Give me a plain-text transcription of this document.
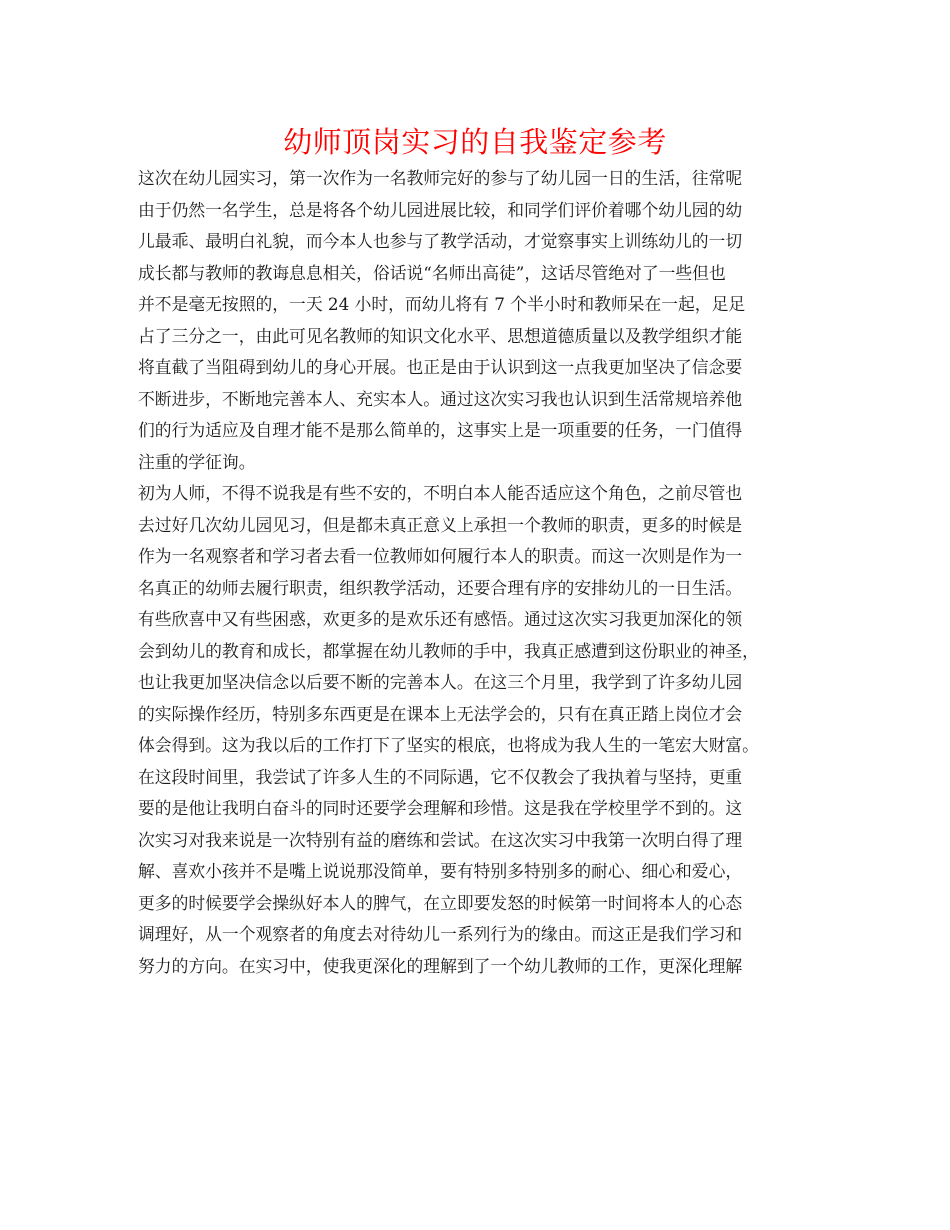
幼师顶岗实习的自我鉴定参考
这次在幼儿园实习，第一次作为一名教师完好的参与了幼儿园一日的生活，往常呢
由于仍然一名学生，总是将各个幼儿园进展比较，和同学们评价着哪个幼儿园的幼
儿最乖、最明白礼貌，而今本人也参与了教学活动，才觉察事实上训练幼儿的一切
成长都与教师的教诲息息相关，俗话说“名师出高徒”，这话尽管绝对了一些但也
并不是毫无按照的，一天 24 小时，而幼儿将有 7 个半小时和教师呆在一起，足足
占了三分之一，由此可见名教师的知识文化水平、思想道德质量以及教学组织才能
将直截了当阻碍到幼儿的身心开展。也正是由于认识到这一点我更加坚决了信念要
不断进步，不断地完善本人、充实本人。通过这次实习我也认识到生活常规培养他
们的行为适应及自理才能不是那么简单的，这事实上是一项重要的任务，一门值得
注重的学征询。
初为人师，不得不说我是有些不安的，不明白本人能否适应这个角色，之前尽管也
去过好几次幼儿园见习，但是都未真正意义上承担一个教师的职责，更多的时候是
作为一名观察者和学习者去看一位教师如何履行本人的职责。而这一次则是作为一
名真正的幼师去履行职责，组织教学活动，还要合理有序的安排幼儿的一日生活。
有些欣喜中又有些困惑，欢更多的是欢乐还有感悟。通过这次实习我更加深化的领
会到幼儿的教育和成长，都掌握在幼儿教师的手中，我真正感遭到这份职业的神圣，
也让我更加坚决信念以后要不断的完善本人。在这三个月里，我学到了许多幼儿园
的实际操作经历，特别多东西更是在课本上无法学会的，只有在真正踏上岗位才会
体会得到。这为我以后的工作打下了坚实的根底，也将成为我人生的一笔宏大财富。
在这段时间里，我尝试了许多人生的不同际遇，它不仅教会了我执着与坚持，更重
要的是他让我明白奋斗的同时还要学会理解和珍惜。这是我在学校里学不到的。这
次实习对我来说是一次特别有益的磨练和尝试。在这次实习中我第一次明白得了理
解、喜欢小孩并不是嘴上说说那没简单，要有特别多特别多的耐心、细心和爱心，
更多的时候要学会操纵好本人的脾气，在立即要发怒的时候第一时间将本人的心态
调理好，从一个观察者的角度去对待幼儿一系列行为的缘由。而这正是我们学习和
努力的方向。在实习中，使我更深化的理解到了一个幼儿教师的工作，更深化理解
